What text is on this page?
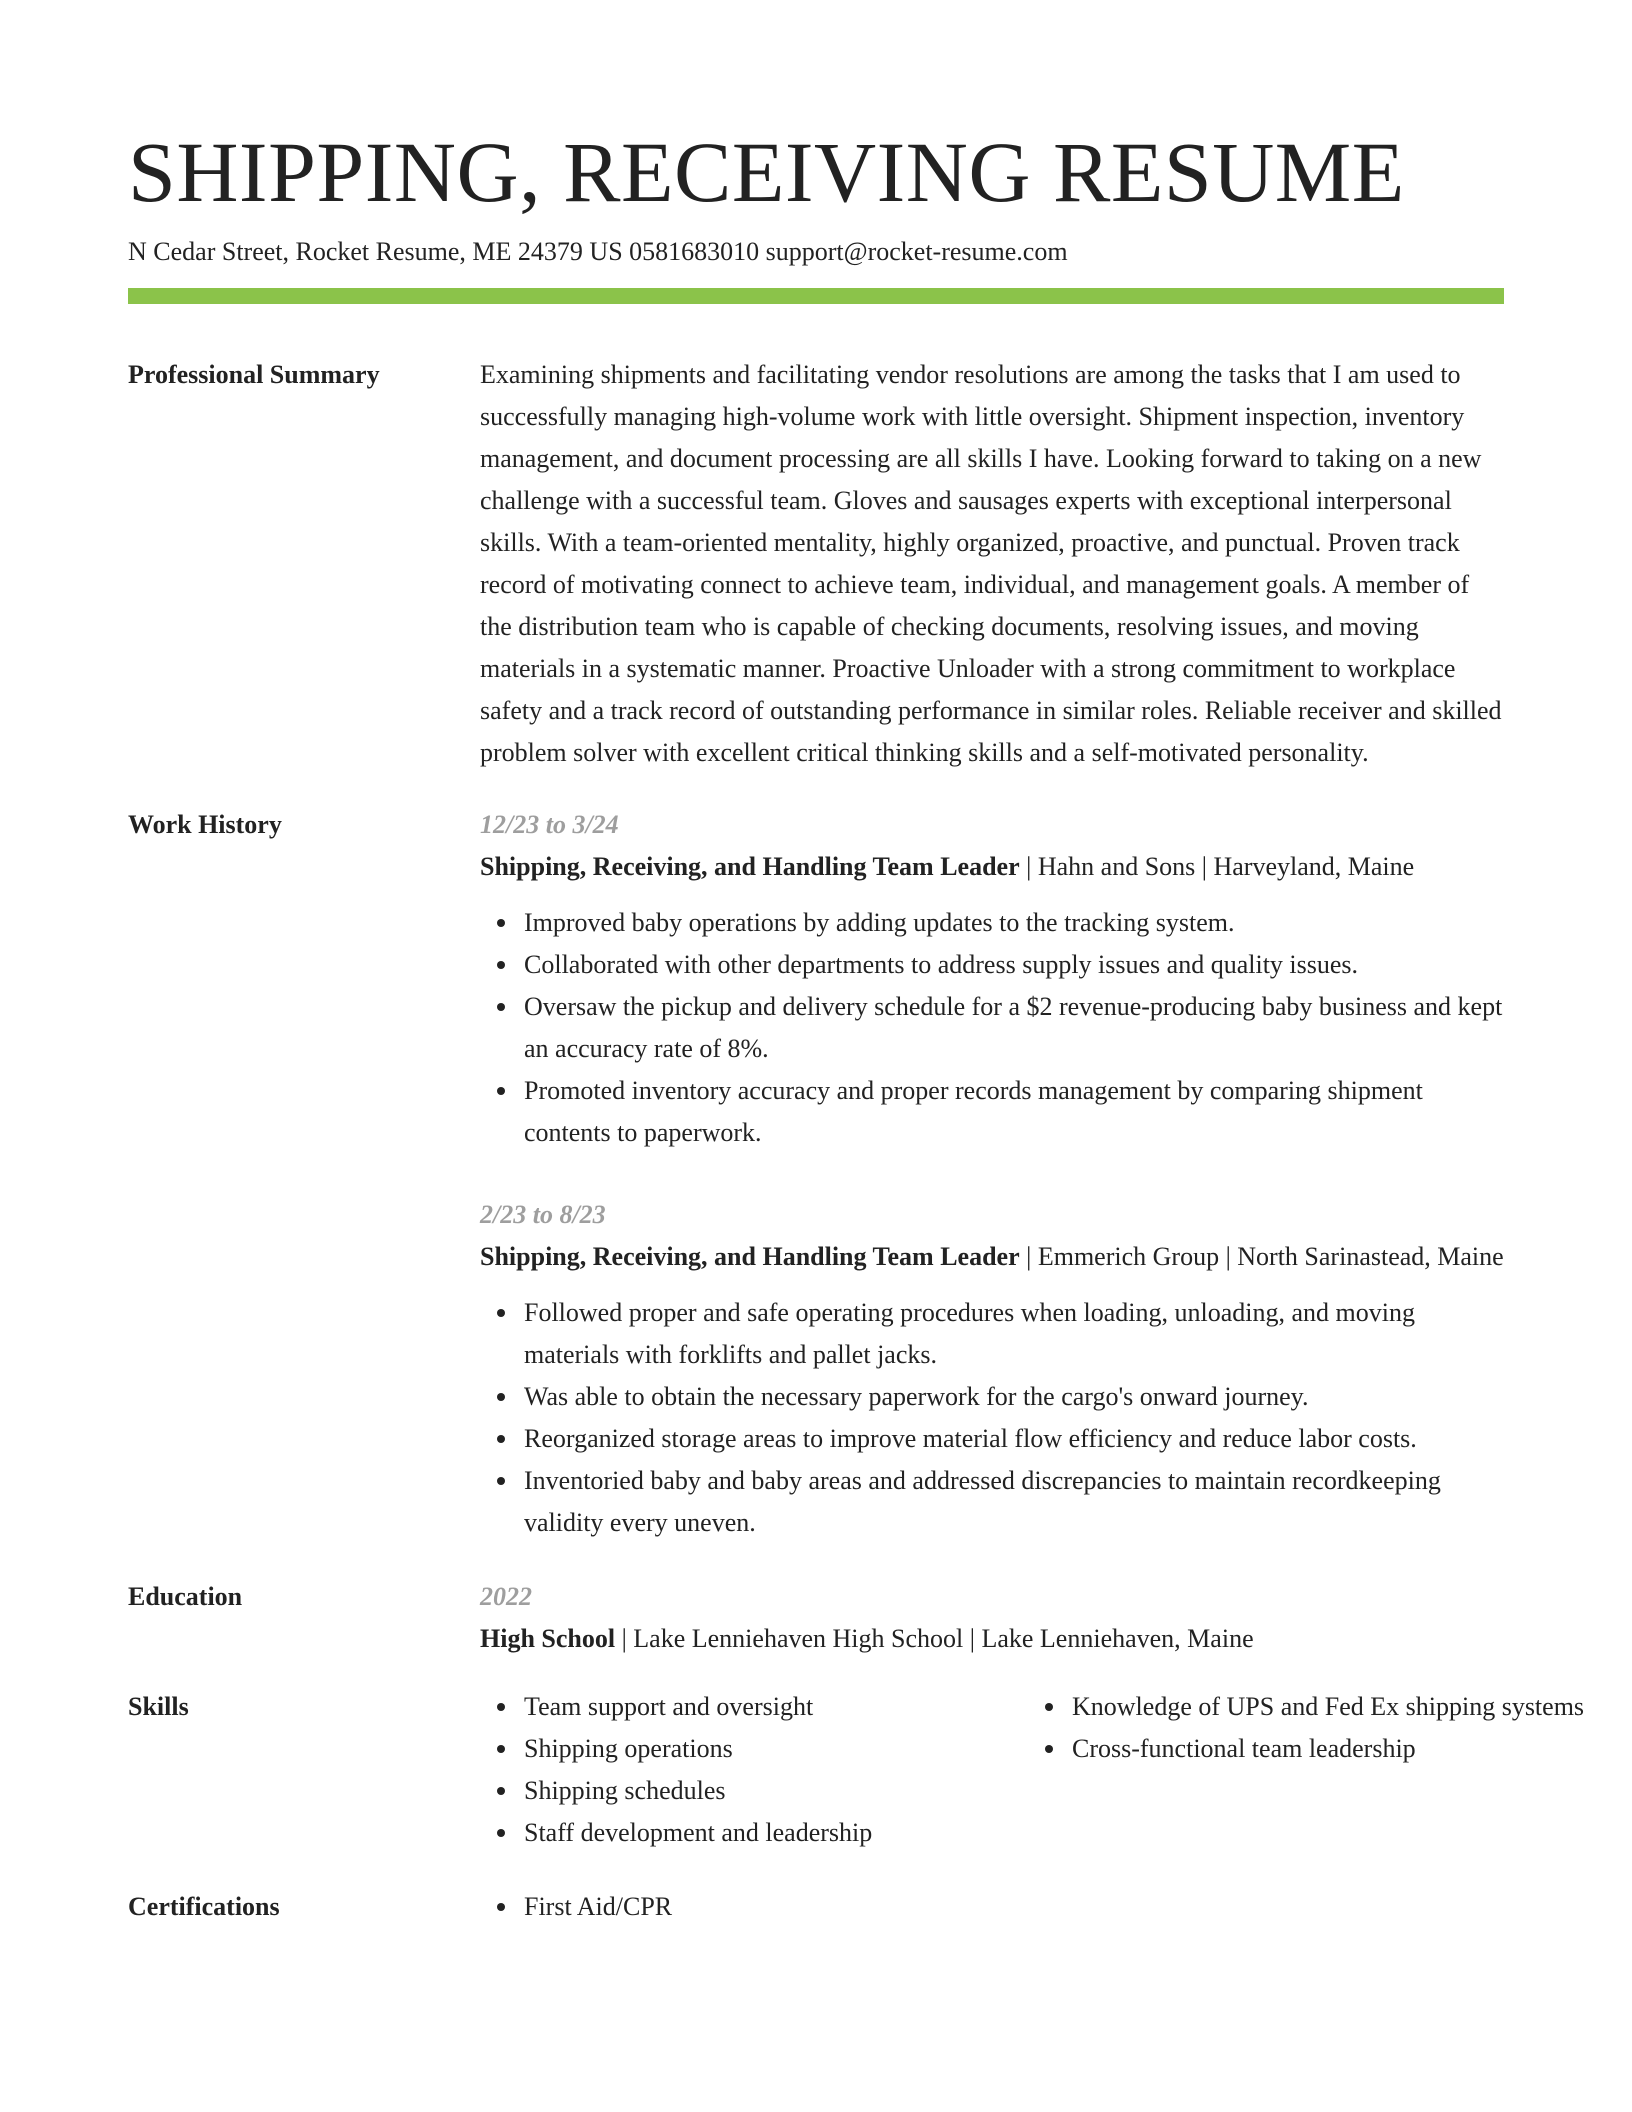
SHIPPING, RECEIVING RESUME
N Cedar Street, Rocket Resume, ME 24379 US 0581683010 support@rocket-resume.com
Professional Summary	Examining shipments and facilitating vendor resolutions are among the tasks that I am used to successfully managing high-volume work with little oversight. Shipment inspection, inventory management, and document processing are all skills I have. Looking forward to taking on a new challenge with a successful team. Gloves and sausages experts with exceptional interpersonal skills. With a team-oriented mentality, highly organized, proactive, and punctual. Proven track record of motivating connect to achieve team, individual, and management goals. A member of the distribution team who is capable of checking documents, resolving issues, and moving materials in a systematic manner. Proactive Unloader with a strong commitment to workplace safety and a track record of outstanding performance in similar roles. Reliable receiver and skilled problem solver with excellent critical thinking skills and a self-motivated personality.
Work History	12/23 to 3/24
Shipping, Receiving, and Handling Team Leader | Hahn and Sons | Harveyland, Maine
Improved baby operations by adding updates to the tracking system.
Collaborated with other departments to address supply issues and quality issues.
Oversaw the pickup and delivery schedule for a $2 revenue-producing baby business and kept an accuracy rate of 8%.
Promoted inventory accuracy and proper records management by comparing shipment contents to paperwork.
2/23 to 8/23
Shipping, Receiving, and Handling Team Leader | Emmerich Group | North Sarinastead, Maine
Followed proper and safe operating procedures when loading, unloading, and moving materials with forklifts and pallet jacks.
Was able to obtain the necessary paperwork for the cargo's onward journey.
Reorganized storage areas to improve material flow efficiency and reduce labor costs.
Inventoried baby and baby areas and addressed discrepancies to maintain recordkeeping validity every uneven.
Education	2022
High School | Lake Lenniehaven High School | Lake Lenniehaven, Maine
Skills	Team support and oversight
Shipping operations
Shipping schedules
Staff development and leadership
Knowledge of UPS and Fed Ex shipping systems
Cross-functional team leadership
Certifications	First Aid/CPR
